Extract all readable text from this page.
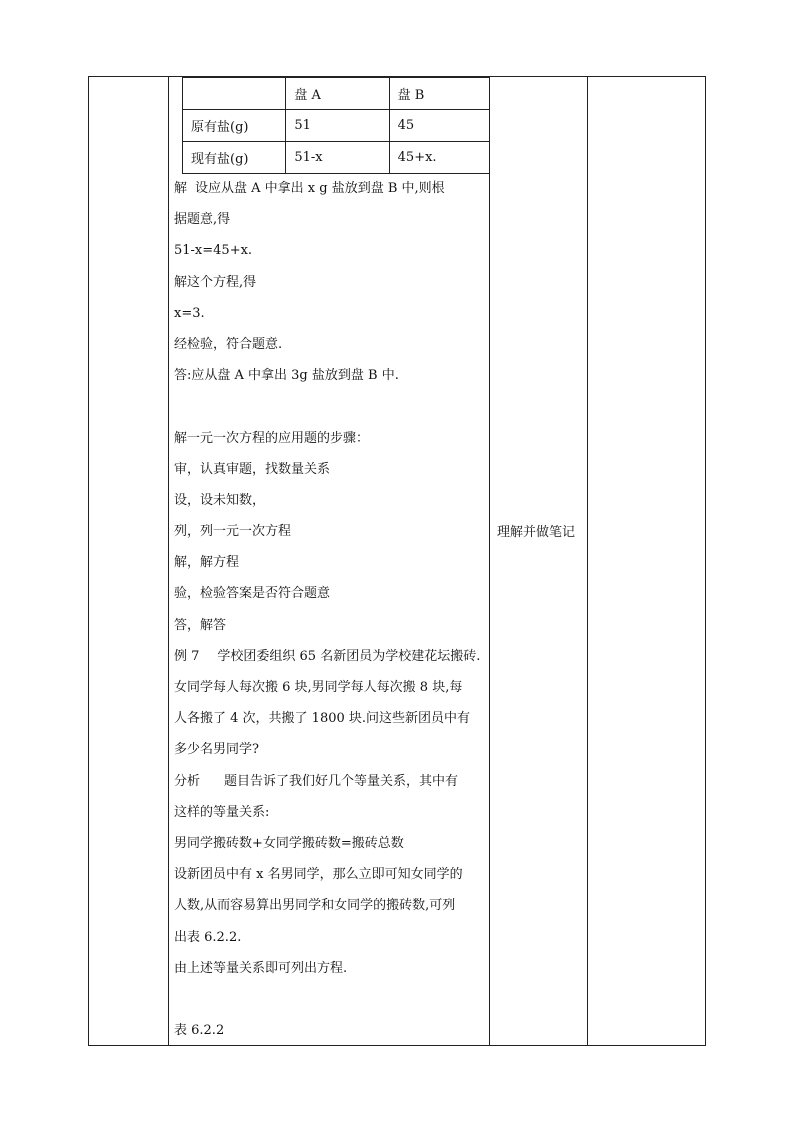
	盘 A	盘 B
原有盐(g)	51	45
现有盐(g)	51-x	45+x.
解 设应从盘 A 中拿出 x g 盐放到盘 B 中,则根
据题意,得
51-x=45+x.
解这个方程,得
x=3.
经检验，符合题意.
答:应从盘 A 中拿出 3g 盐放到盘 B 中.
解一元一次方程的应用题的步骤：
审，认真审题，找数量关系
设，设未知数，
列，列一元一次方程
解，解方程
验，检验答案是否符合题意
答，解答
例 7 学校团委组织 65 名新团员为学校建花坛搬砖.
女同学每人每次搬 6 块,男同学每人每次搬 8 块,每
人各搬了 4 次，共搬了 1800 块.问这些新团员中有
多少名男同学?
分析 题目告诉了我们好几个等量关系，其中有
这样的等量关系:
男同学搬砖数+女同学搬砖数=搬砖总数
设新团员中有 x 名男同学，那么立即可知女同学的
人数,从而容易算出男同学和女同学的搬砖数,可列
出表 6.2.2.
由上述等量关系即可列出方程.
表 6.2.2
理解并做笔记
